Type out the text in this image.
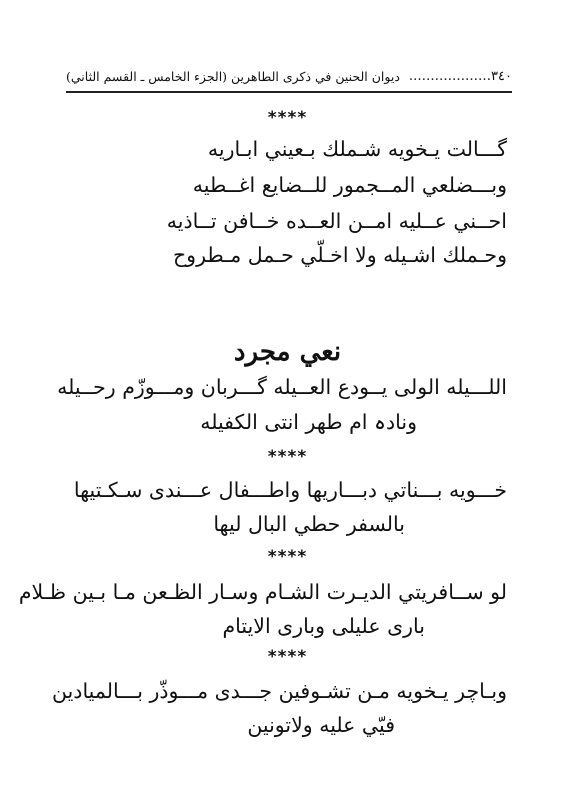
٣٤٠……………….
ديوان الحنين في ذكرى الطاهرين (الجزء الخامس ـ القسم الثاني)
****
گـــالت يـخويه شـملك بـعيني ابـاريه
وبـــضلعي المــجمور للــضايع اغــطيه
احــني عــليه امــن العــده خــافن تــاذيه
وحـملك اشـيله ولا اخـلّي حـمل مـطروح
نعي مجرد
اللـــيله الولى يــودع العــيله گـــربان ومـــوزّم رحــيله
ونادہ ام طهر انتی الکفیله
****
خـــويه بـــناتي دبـــاريها واطـــفال عـــندى سـكـتيها
بالسفر حطي البال ليها
****
لو ســافريتي الديـرت الشـام وسـار الظـعن مـا بـين ظـلام
باری علیلی وباری الایتام
****
وبـاچر يـخويه مـن تشـوفين جـــدى مـــوذّر بـــالميادين
فيّي عليه ولاتونين
